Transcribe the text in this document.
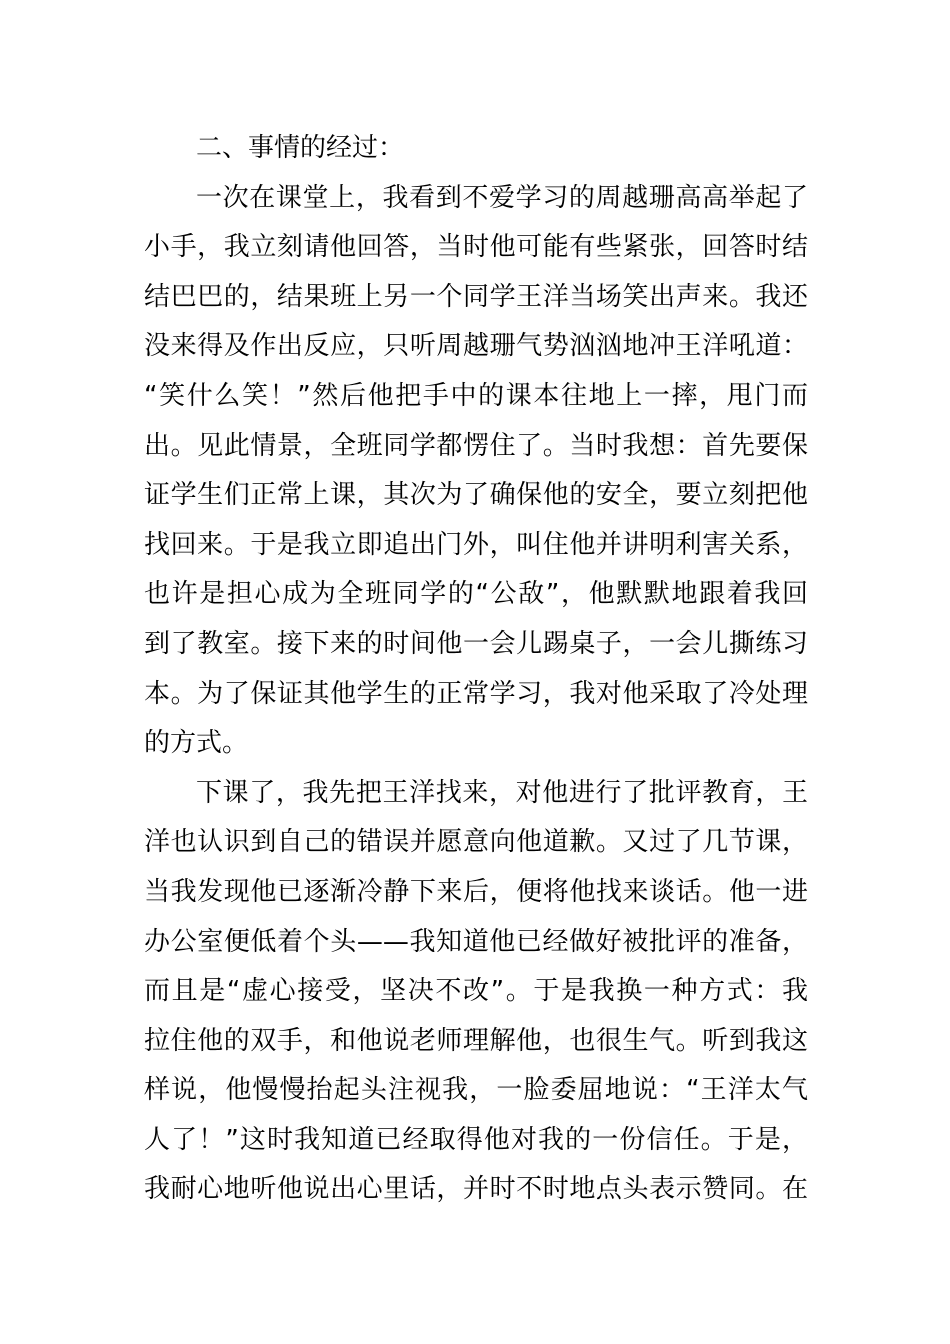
二、事情的经过：

一次在课堂上，我看到不爱学习的周越珊高高举起了

小手，我立刻请他回答，当时他可能有些紧张，回答时结

结巴巴的，结果班上另一个同学王洋当场笑出声来。我还

没来得及作出反应，只听周越珊气势汹汹地冲王洋吼道：

“笑什么笑！”然后他把手中的课本往地上一摔，甩门而

出。见此情景，全班同学都愣住了。当时我想：首先要保

证学生们正常上课，其次为了确保他的安全，要立刻把他

找回来。于是我立即追出门外，叫住他并讲明利害关系，

也许是担心成为全班同学的“公敌”，他默默地跟着我回

到了教室。接下来的时间他一会儿踢桌子，一会儿撕练习

本。为了保证其他学生的正常学习，我对他采取了冷处理

的方式。

下课了，我先把王洋找来，对他进行了批评教育，王

洋也认识到自己的错误并愿意向他道歉。又过了几节课，

当我发现他已逐渐冷静下来后，便将他找来谈话。他一进

办公室便低着个头——我知道他已经做好被批评的准备，

而且是“虚心接受，坚决不改”。于是我换一种方式：我

拉住他的双手，和他说老师理解他，也很生气。听到我这

样说，他慢慢抬起头注视我，一脸委屈地说：“王洋太气

人了！”这时我知道已经取得他对我的一份信任。于是，

我耐心地听他说出心里话，并时不时地点头表示赞同。在
